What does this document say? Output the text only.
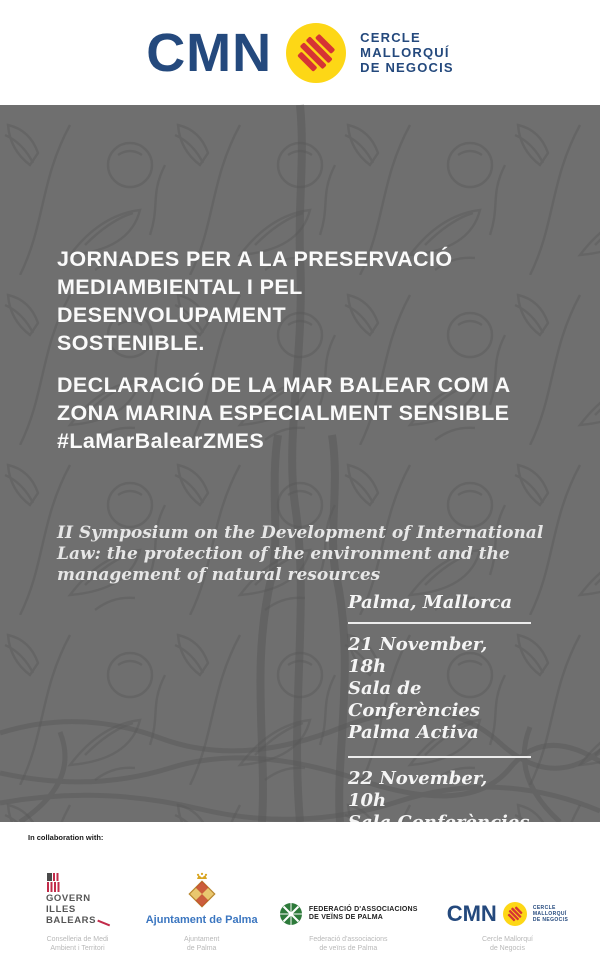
CMN	CERCLE
MALLORQUÍ
DE NEGOCIS
JORNADES PER A LA PRESERVACIÓ
MEDIAMBIENTAL I PEL DESENVOLUPAMENT
SOSTENIBLE.
DECLARACIÓ DE LA MAR BALEAR COM A
ZONA MARINA ESPECIALMENT SENSIBLE
#LaMarBalearZMES
II Symposium on the Development of International Law: the protection of the environment and the management of natural resources
Palma, Mallorca
21 November, 18h
Sala de Conferències
Palma Activa
22 November, 10h
In collaboration with:
GOVERN
ILLES
BALEARS
Conselleria de Medi
Ambient i Territori
Ajuntament de Palma
Ajuntament
de Palma
FEDERACIÓ D'ASSOCIACIONS
DE VEÏNS DE PALMA
Federació d'associacions
de veïns de Palma
CMN	CERCLE
MALLORQUÍ
DE NEGOCIS
Cercle Mallorquí
de Negocis
